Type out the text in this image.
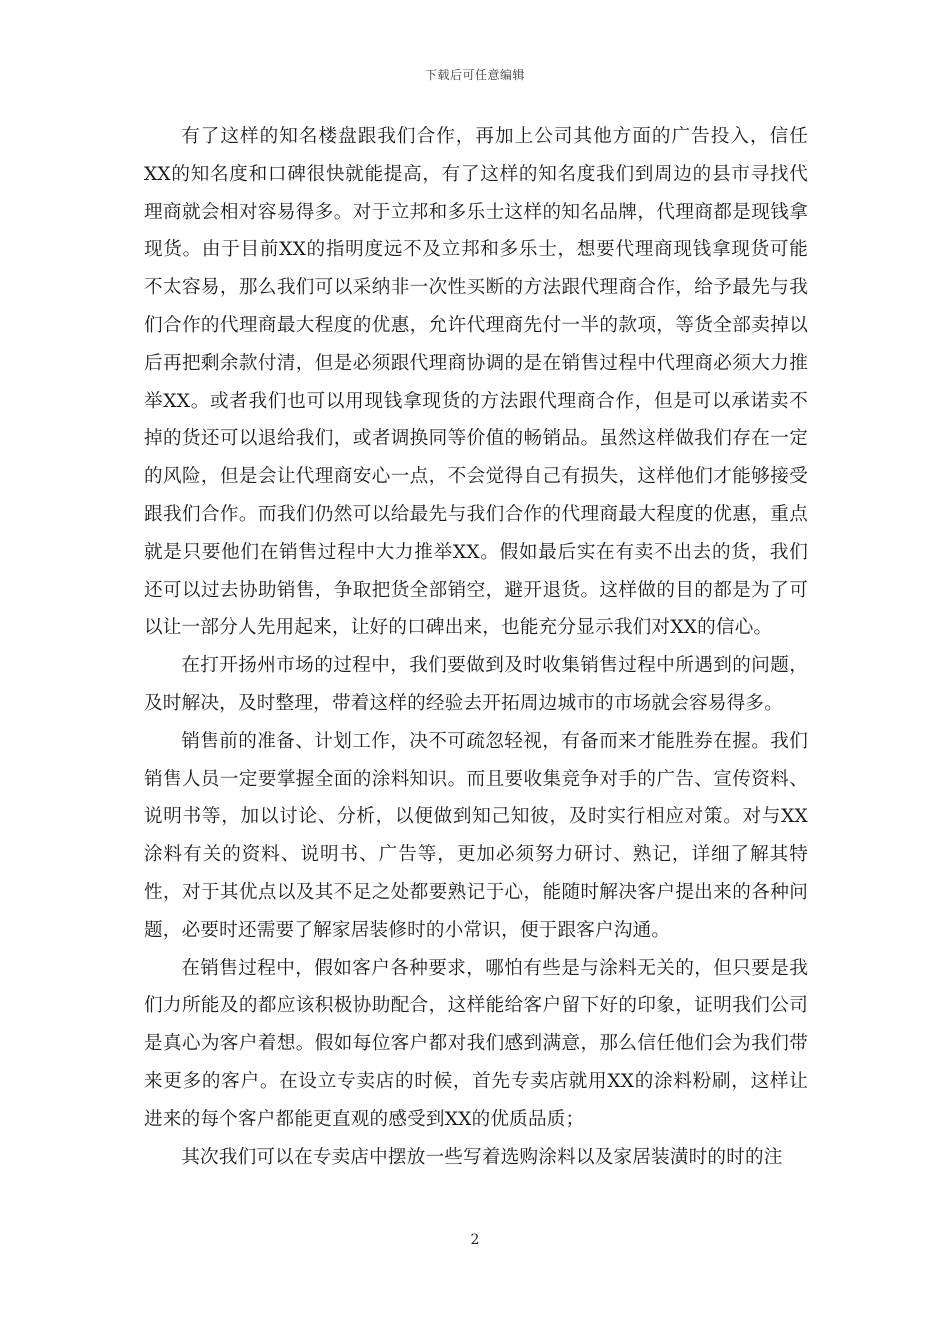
下载后可任意编辑

有了这样的知名楼盘跟我们合作，再加上公司其他方面的广告投入，信任XX的知名度和口碑很快就能提高，有了这样的知名度我们到周边的县市寻找代理商就会相对容易得多。对于立邦和多乐士这样的知名品牌，代理商都是现钱拿现货。由于目前XX的指明度远不及立邦和多乐士，想要代理商现钱拿现货可能不太容易，那么我们可以采纳非一次性买断的方法跟代理商合作，给予最先与我们合作的代理商最大程度的优惠，允许代理商先付一半的款项，等货全部卖掉以后再把剩余款付清，但是必须跟代理商协调的是在销售过程中代理商必须大力推举XX。或者我们也可以用现钱拿现货的方法跟代理商合作，但是可以承诺卖不掉的货还可以退给我们，或者调换同等价值的畅销品。虽然这样做我们存在一定的风险，但是会让代理商安心一点，不会觉得自己有损失，这样他们才能够接受跟我们合作。而我们仍然可以给最先与我们合作的代理商最大程度的优惠，重点就是只要他们在销售过程中大力推举XX。假如最后实在有卖不出去的货，我们还可以过去协助销售，争取把货全部销空，避开退货。这样做的目的都是为了可以让一部分人先用起来，让好的口碑出来，也能充分显示我们对XX的信心。

在打开扬州市场的过程中，我们要做到及时收集销售过程中所遇到的问题，及时解决，及时整理，带着这样的经验去开拓周边城市的市场就会容易得多。

销售前的准备、计划工作，决不可疏忽轻视，有备而来才能胜券在握。我们销售人员一定要掌握全面的涂料知识。而且要收集竞争对手的广告、宣传资料、说明书等，加以讨论、分析，以便做到知己知彼，及时实行相应对策。对与XX涂料有关的资料、说明书、广告等，更加必须努力研讨、熟记，详细了解其特性，对于其优点以及其不足之处都要熟记于心，能随时解决客户提出来的各种问题，必要时还需要了解家居装修时的小常识，便于跟客户沟通。

在销售过程中，假如客户各种要求，哪怕有些是与涂料无关的，但只要是我们力所能及的都应该积极协助配合，这样能给客户留下好的印象，证明我们公司是真心为客户着想。假如每位客户都对我们感到满意，那么信任他们会为我们带来更多的客户。在设立专卖店的时候，首先专卖店就用XX的涂料粉刷，这样让进来的每个客户都能更直观的感受到XX的优质品质；

其次我们可以在专卖店中摆放一些写着选购涂料以及家居装潢时的时的注

2
